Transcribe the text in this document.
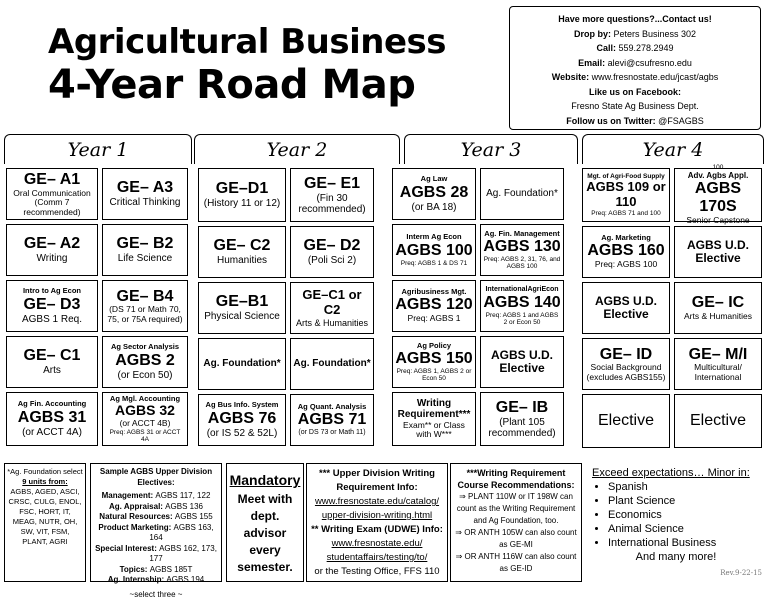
Agricultural Business
4-Year Road Map
Have more questions?...Contact us!
Drop by: Peters Business 302
Call: 559.278.2949
Email: alevi@csufresno.edu
Website: www.fresnostate.edu/jcast/agbs
Like us on Facebook:
Fresno State Ag Business Dept.
Follow us on Twitter: @FSAGBS
Year 1	Year 2	Year 3	Year 4
GE– A1
Oral Communication (Comm 7 recommended)
GE– A3
Critical Thinking
GE– A2
Writing
GE– B2
Life Science
Intro to Ag Econ
GE– D3
AGBS 1 Req.
GE– B4
(DS 71 or Math 70, 75, or 75A required)
GE– C1
Arts
Ag Sector Analysis
AGBS 2
(or Econ 50)
Ag Fin. Accounting
AGBS 31
(or ACCT 4A)
Ag Mgl. Accounting
AGBS 32
(or ACCT 4B)
Preq: AGBS 31 or ACCT 4A
GE–D1
(History 11 or 12)
GE– E1
(Fin 30 recommended)
GE– C2
Humanities
GE– D2
(Poli Sci 2)
GE–B1
Physical Science
GE–C1 or C2
Arts & Humanities
Ag. Foundation* Ag. Foundation*
Ag Bus Info. System
AGBS 76
(or IS 52 & 52L)
Ag Quant. Analysis
AGBS 71
(or DS 73 or Math 11)
Ag Law
AGBS 28
(or BA 18)
Ag. Foundation*
Interm Ag Econ
AGBS 100
Preq: AGBS 1 & DS 71
Ag. Fin. Management
AGBS 130
Preq: AGBS 2, 31, 76, and AGBS 100
Agribusiness Mgt.
AGBS 120
Preq: AGBS 1
InternationalAgriEcon
AGBS 140
Preq: AGBS 1 and AGBS 2 or Econ 50
Ag Policy
AGBS 150
Preq: AGBS 1, AGBS 2 or Econ 50
AGBS U.D. Elective
Writing Requirement***
Exam** or Class with W***
GE– IB
(Plant 105 recommended)
Mgt. of Agri-Food Supply
AGBS 109 or 110
Preq: AGBS 71 and 100
100
Adv. Agbs Appl.
AGBS 170S
Senior Capstone
Ag. Marketing
AGBS 160
Preq: AGBS 100
AGBS U.D. Elective
AGBS U.D. Elective
GE– IC
Arts & Humanities
GE– ID
Social Background (excludes AGBS155)
GE– M/I
Multicultural/ International
Elective Elective
*Ag. Foundation select
9 units from:
AGBS, AGED, ASCI, CRSC, CULG, ENOL, FSC, HORT, IT, MEAG, NUTR, OH, SW, VIT, FSM, PLANT, AGRI
Sample AGBS Upper Division Electives:
Management: AGBS 117, 122
Ag. Appraisal: AGBS 136
Natural Resources: AGBS 155
Product Marketing: AGBS 163, 164
Special Interest: AGBS 162, 173, 177
Topics: AGBS 185T
Ag. Internship: AGBS 194
~select three ~
Mandatory
Meet with dept. advisor every semester.
*** Upper Division Writing Requirement Info:
www.fresnostate.edu/catalog/ upper-division-writing.html
** Writing Exam (UDWE) Info:
www.fresnostate.edu/ studentaffairs/testing/to/
or the Testing Office, FFS 110
***Writing Requirement Course Recommendations:
⇒ PLANT 110W or IT 198W can count as the Writing Requirement and Ag Foundation, too.
⇒ OR ANTH 105W can also count as GE-MI
⇒ OR ANTH 116W can also count as GE-ID
Exceed expectations… Minor in:
• Spanish
• Plant Science
• Economics
• Animal Science
• International Business
And many more!
Rev.9-22-15
